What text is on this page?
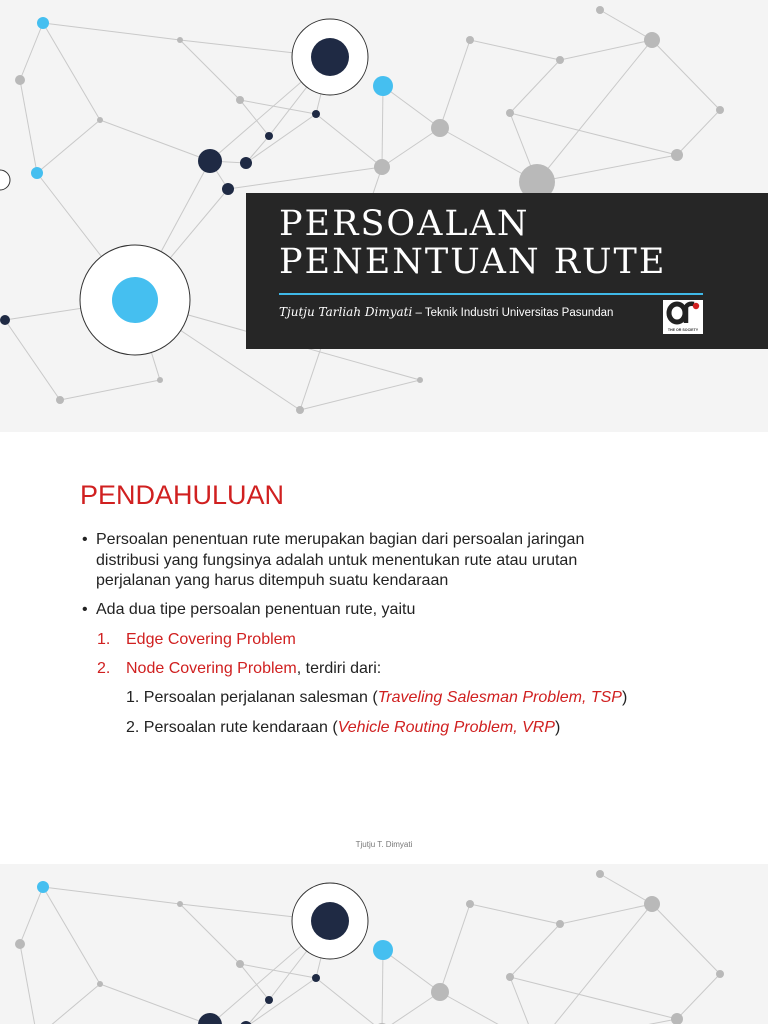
PERSOALAN
PENENTUAN RUTE
Tjutju Tarliah Dimyati – Teknik Industri Universitas Pasundan
THE OR SOCIETY
PENDAHULUAN
• Persoalan penentuan rute merupakan bagian dari persoalan jaringan
distribusi yang fungsinya adalah untuk menentukan rute atau urutan
perjalanan yang harus ditempuh suatu kendaraan
• Ada dua tipe persoalan penentuan rute, yaitu
1. Edge Covering Problem
2. Node Covering Problem, terdiri dari:
1. Persoalan perjalanan salesman (Traveling Salesman Problem, TSP)
2. Persoalan rute kendaraan (Vehicle Routing Problem, VRP)
Tjutju T. Dimyati
